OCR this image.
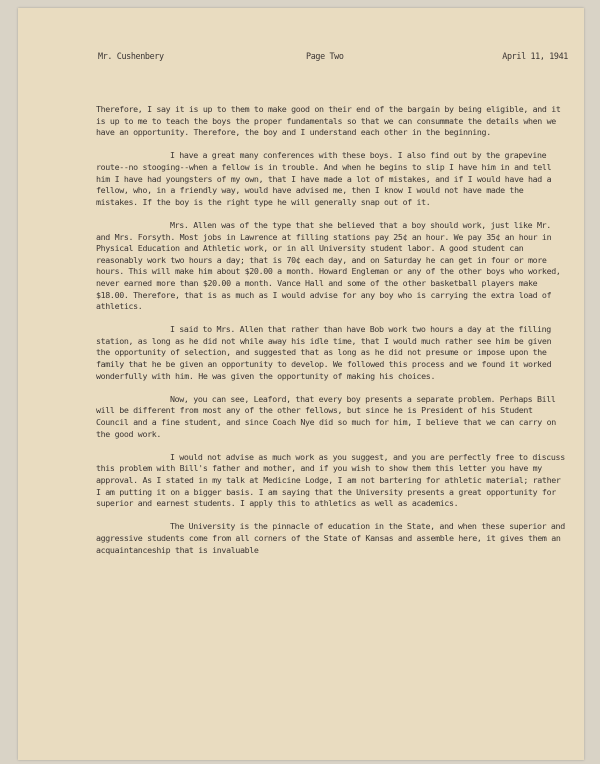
Mr. Cushenbery	Page Two	April 11, 1941

Therefore, I say it is up to them to make good on their end of the bargain by being eligible, and it is up to me to teach the boys the proper fundamentals so that we can consummate the details when we have an opportunity. Therefore, the boy and I understand each other in the beginning.

I have a great many conferences with these boys. I also find out by the grapevine route--no stooging--when a fellow is in trouble. And when he begins to slip I have him in and tell him I have had youngsters of my own, that I have made a lot of mistakes, and if I would have had a fellow, who, in a friendly way, would have advised me, then I know I would not have made the mistakes. If the boy is the right type he will generally snap out of it.

Mrs. Allen was of the type that she believed that a boy should work, just like Mr. and Mrs. Forsyth. Most jobs in Lawrence at filling stations pay 25¢ an hour. We pay 35¢ an hour in Physical Education and Athletic work, or in all University student labor. A good student can reasonably work two hours a day; that is 70¢ each day, and on Saturday he can get in four or more hours. This will make him about $20.00 a month. Howard Engleman or any of the other boys who worked, never earned more than $20.00 a month. Vance Hall and some of the other basketball players make $18.00. Therefore, that is as much as I would advise for any boy who is carrying the extra load of athletics.

I said to Mrs. Allen that rather than have Bob work two hours a day at the filling station, as long as he did not while away his idle time, that I would much rather see him be given the opportunity of selection, and suggested that as long as he did not presume or impose upon the family that he be given an opportunity to develop. We followed this process and we found it worked wonderfully with him. He was given the opportunity of making his choices.

Now, you can see, Leaford, that every boy presents a separate problem. Perhaps Bill will be different from most any of the other fellows, but since he is President of his Student Council and a fine student, and since Coach Nye did so much for him, I believe that we can carry on the good work.

I would not advise as much work as you suggest, and you are perfectly free to discuss this problem with Bill's father and mother, and if you wish to show them this letter you have my approval. As I stated in my talk at Medicine Lodge, I am not bartering for athletic material; rather I am putting it on a bigger basis. I am saying that the University presents a great opportunity for superior and earnest students. I apply this to athletics as well as academics.

The University is the pinnacle of education in the State, and when these superior and aggressive students come from all corners of the State of Kansas and assemble here, it gives them an acquaintanceship that is invaluable
